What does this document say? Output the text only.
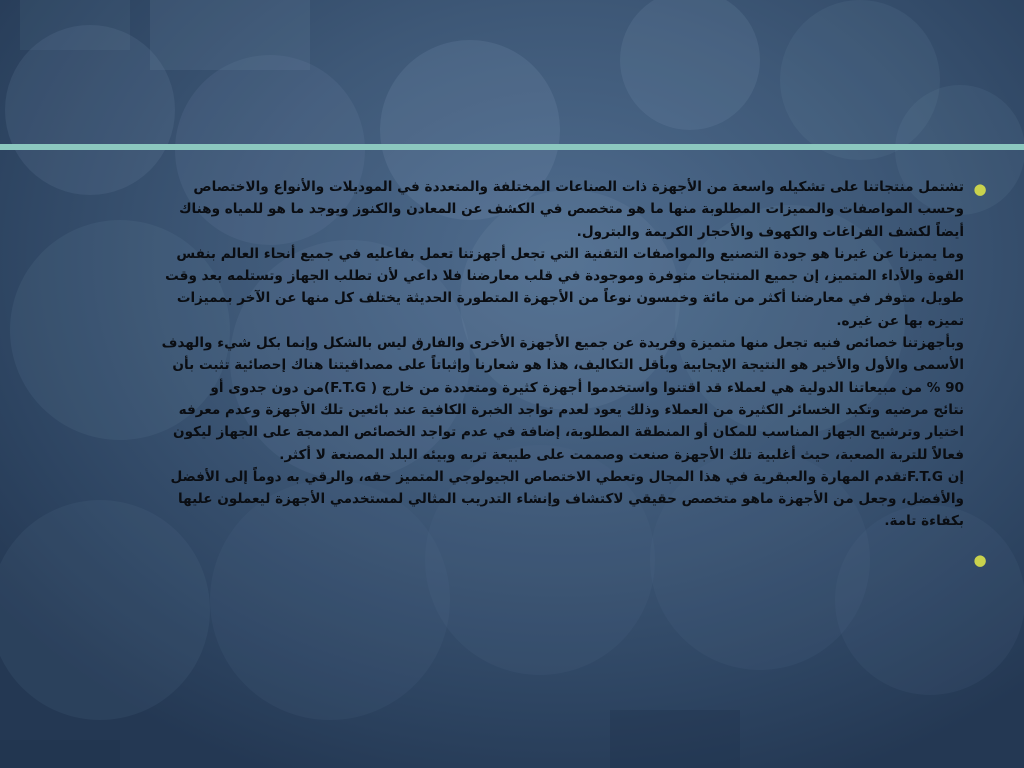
●

تشتمل منتجاتنا على تشكيله واسعة من الأجهزة ذات الصناعات المختلفة والمتعددة في الموديلات والأنواع والاختصاص
وحسب المواصفات والمميزات المطلوبة منها ما هو متخصص في الكشف عن المعادن والكنوز ويوجد ما هو للمياه وهناك
أيضاً لكشف الفراغات والكهوف والأحجار الكريمة والبترول.
وما يميزنا عن غيرنا هو جودة التصنيع والمواصفات التقنية التي تجعل أجهزتنا تعمل بفاعليه في جميع أنحاء العالم بنفس
القوة والأداء المتميز، إن جميع المنتجات متوفرة وموجودة في قلب معارضنا فلا داعي لأن تطلب الجهاز وتستلمه بعد وقت
طويل، متوفر في معارضنا أكثر من مائة وخمسون نوعاً من الأجهزة المتطورة الحديثة يختلف كل منها عن الآخر بمميزات
تميزه بها عن غيره.
وبأجهزتنا خصائص فنيه تجعل منها متميزة وفريدة عن جميع الأجهزة الأخرى والفارق ليس بالشكل وإنما بكل شيء والهدف
الأسمى والأول والأخير هو النتيجة الإيجابية وبأقل التكاليف، هذا هو شعارنا وإثباتاً على مصداقيتنا هناك إحصائية تثبت بأن
90 % من مبيعاتنا الدولية هي لعملاء قد اقتنوا واستخدموا أجهزة كثيرة ومتعددة من خارج ( F.T.G)من دون جدوى أو
نتائج مرضيه وتكبد الخسائر الكثيرة من العملاء وذلك يعود لعدم تواجد الخبرة الكافية عند بائعين تلك الأجهزة وعدم معرفه
اختيار وترشيح الجهاز المناسب للمكان أو المنطقة المطلوبة، إضافة في عدم تواجد الخصائص المدمجة على الجهاز ليكون
فعالاً للتربة الصعبة، حيث أغلبية تلك الأجهزة صنعت وصممت على طبيعة تربه وبيئه البلد المصنعة لا أكثر.
إن F.T.Gتقدم المهارة والعبقرية في هذا المجال وتعطي الاختصاص الجيولوجي المتميز حقه، والرقي به دوماً إلى الأفضل
والأفضل، وجعل من الأجهزة ماهو متخصص حقيقي لاكتشاف وإنشاء التدريب المثالي لمستخدمي الأجهزة ليعملون عليها
بكفاءة تامة.

●
